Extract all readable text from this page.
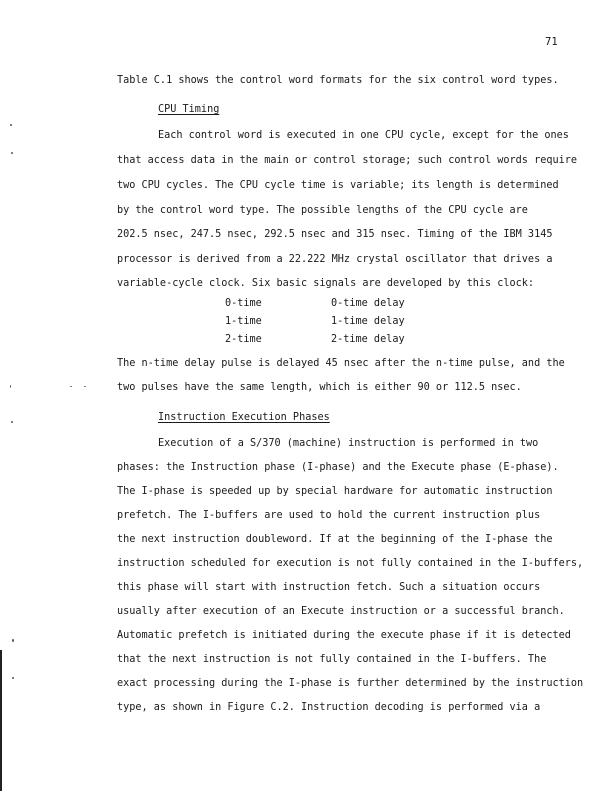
71
Table C.1 shows the control word formats for the six control word types.
CPU Timing
Each control word is executed in one CPU cycle, except for the ones
that access data in the main or control storage; such control words require
two CPU cycles. The CPU cycle time is variable; its length is determined
by the control word type. The possible lengths of the CPU cycle are
202.5 nsec, 247.5 nsec, 292.5 nsec and 315 nsec. Timing of the IBM 3145
processor is derived from a 22.222 MHz crystal oscillator that drives a
variable-cycle clock. Six basic signals are developed by this clock:
0-time	0-time delay
1-time	1-time delay
2-time	2-time delay
The n-time delay pulse is delayed 45 nsec after the n-time pulse, and the
two pulses have the same length, which is either 90 or 112.5 nsec.
Instruction Execution Phases
Execution of a S/370 (machine) instruction is performed in two
phases: the Instruction phase (I-phase) and the Execute phase (E-phase).
The I-phase is speeded up by special hardware for automatic instruction
prefetch. The I-buffers are used to hold the current instruction plus
the next instruction doubleword. If at the beginning of the I-phase the
instruction scheduled for execution is not fully contained in the I-buffers,
this phase will start with instruction fetch. Such a situation occurs
usually after execution of an Execute instruction or a successful branch.
Automatic prefetch is initiated during the execute phase if it is detected
that the next instruction is not fully contained in the I-buffers. The
exact processing during the I-phase is further determined by the instruction
type, as shown in Figure C.2. Instruction decoding is performed via a
